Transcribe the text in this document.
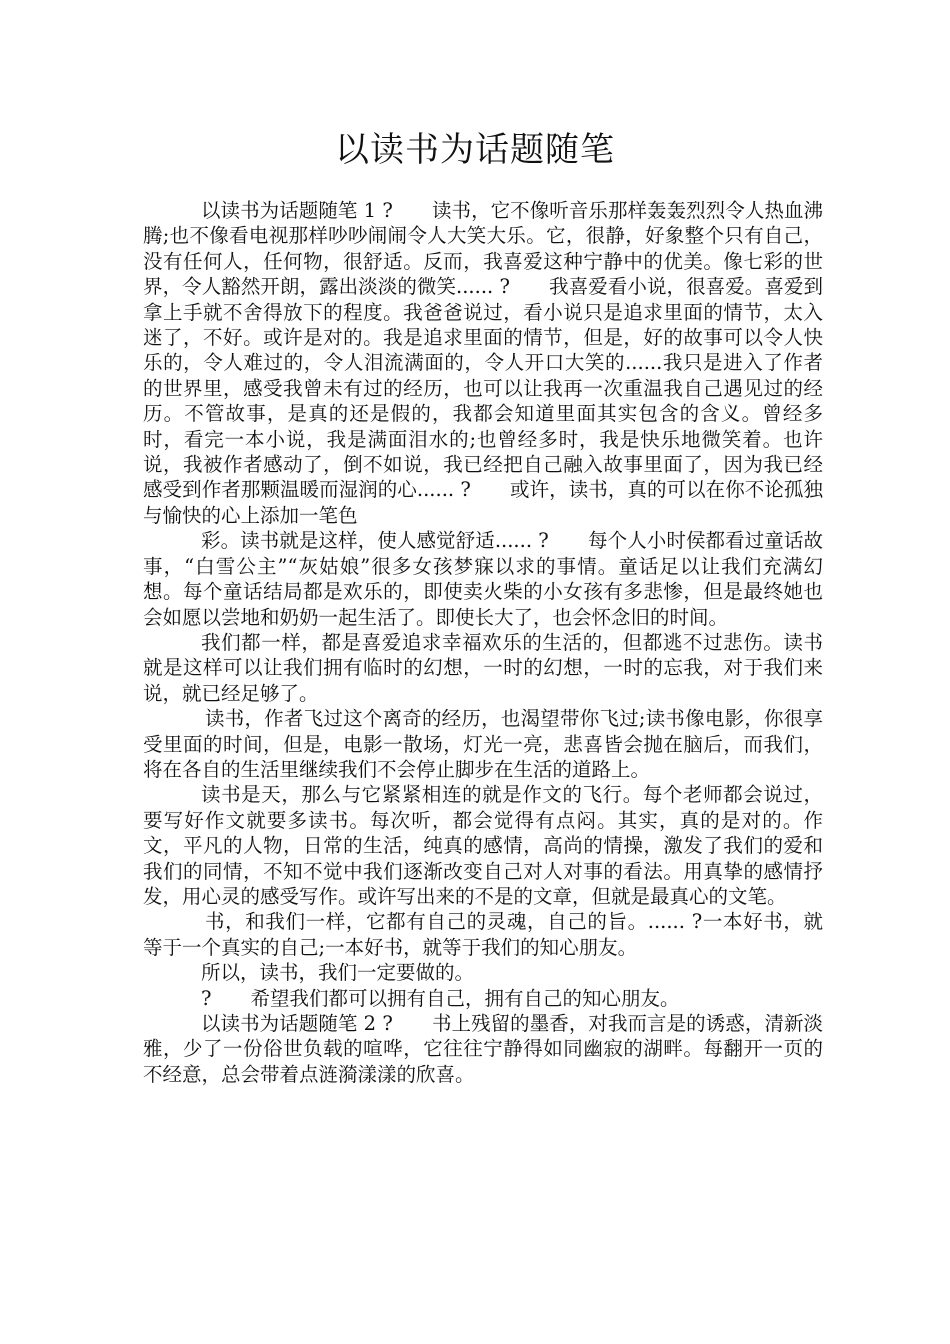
以读书为话题随笔

以读书为话题随笔 1 ?　　读书，它不像听音乐那样轰轰烈烈令人热血沸腾;也不像看电视那样吵吵闹闹令人大笑大乐。它，很静，好象整个只有自己，没有任何人，任何物，很舒适。反而，我喜爱这种宁静中的优美。像七彩的世界，令人豁然开朗，露出淡淡的微笑...... ?　　我喜爱看小说，很喜爱。喜爱到拿上手就不舍得放下的程度。我爸爸说过，看小说只是追求里面的情节，太入迷了，不好。或许是对的。我是追求里面的情节，但是，好的故事可以令人快乐的，令人难过的，令人泪流满面的，令人开口大笑的......我只是进入了作者的世界里，感受我曾未有过的经历，也可以让我再一次重温我自己遇见过的经历。不管故事，是真的还是假的，我都会知道里面其实包含的含义。曾经多时，看完一本小说，我是满面泪水的;也曾经多时，我是快乐地微笑着。也许说，我被作者感动了，倒不如说，我已经把自己融入故事里面了，因为我已经感受到作者那颗温暖而湿润的心...... ?　　或许，读书，真的可以在你不论孤独与愉快的心上添加一笔色

彩。读书就是这样，使人感觉舒适...... ?　　每个人小时侯都看过童话故事，“白雪公主”“灰姑娘”很多女孩梦寐以求的事情。童话足以让我们充满幻想。每个童话结局都是欢乐的，即使卖火柴的小女孩有多悲惨，但是最终她也会如愿以尝地和奶奶一起生活了。即使长大了，也会怀念旧的时间。

我们都一样，都是喜爱追求幸福欢乐的生活的，但都逃不过悲伤。读书就是这样可以让我们拥有临时的幻想，一时的幻想，一时的忘我，对于我们来说，就已经足够了。

读书，作者飞过这个离奇的经历，也渴望带你飞过;读书像电影，你很享受里面的时间，但是，电影一散场，灯光一亮，悲喜皆会抛在脑后，而我们，将在各自的生活里继续我们不会停止脚步在生活的道路上。

读书是天，那么与它紧紧相连的就是作文的飞行。每个老师都会说过，要写好作文就要多读书。每次听，都会觉得有点闷。其实，真的是对的。作文，平凡的人物，日常的生活，纯真的感情，高尚的情操，激发了我们的爱和我们的同情，不知不觉中我们逐渐改变自己对人对事的看法。用真挚的感情抒发，用心灵的感受写作。或许写出来的不是的文章，但就是最真心的文笔。

书，和我们一样，它都有自己的灵魂，自己的旨。...... ?一本好书，就等于一个真实的自己;一本好书，就等于我们的知心朋友。

所以，读书，我们一定要做的。

?　　希望我们都可以拥有自己，拥有自己的知心朋友。

以读书为话题随笔 2 ?　　书上残留的墨香，对我而言是的诱惑，清新淡雅，少了一份俗世负载的喧哗，它往往宁静得如同幽寂的湖畔。每翻开一页的不经意，总会带着点涟漪漾漾的欣喜。
